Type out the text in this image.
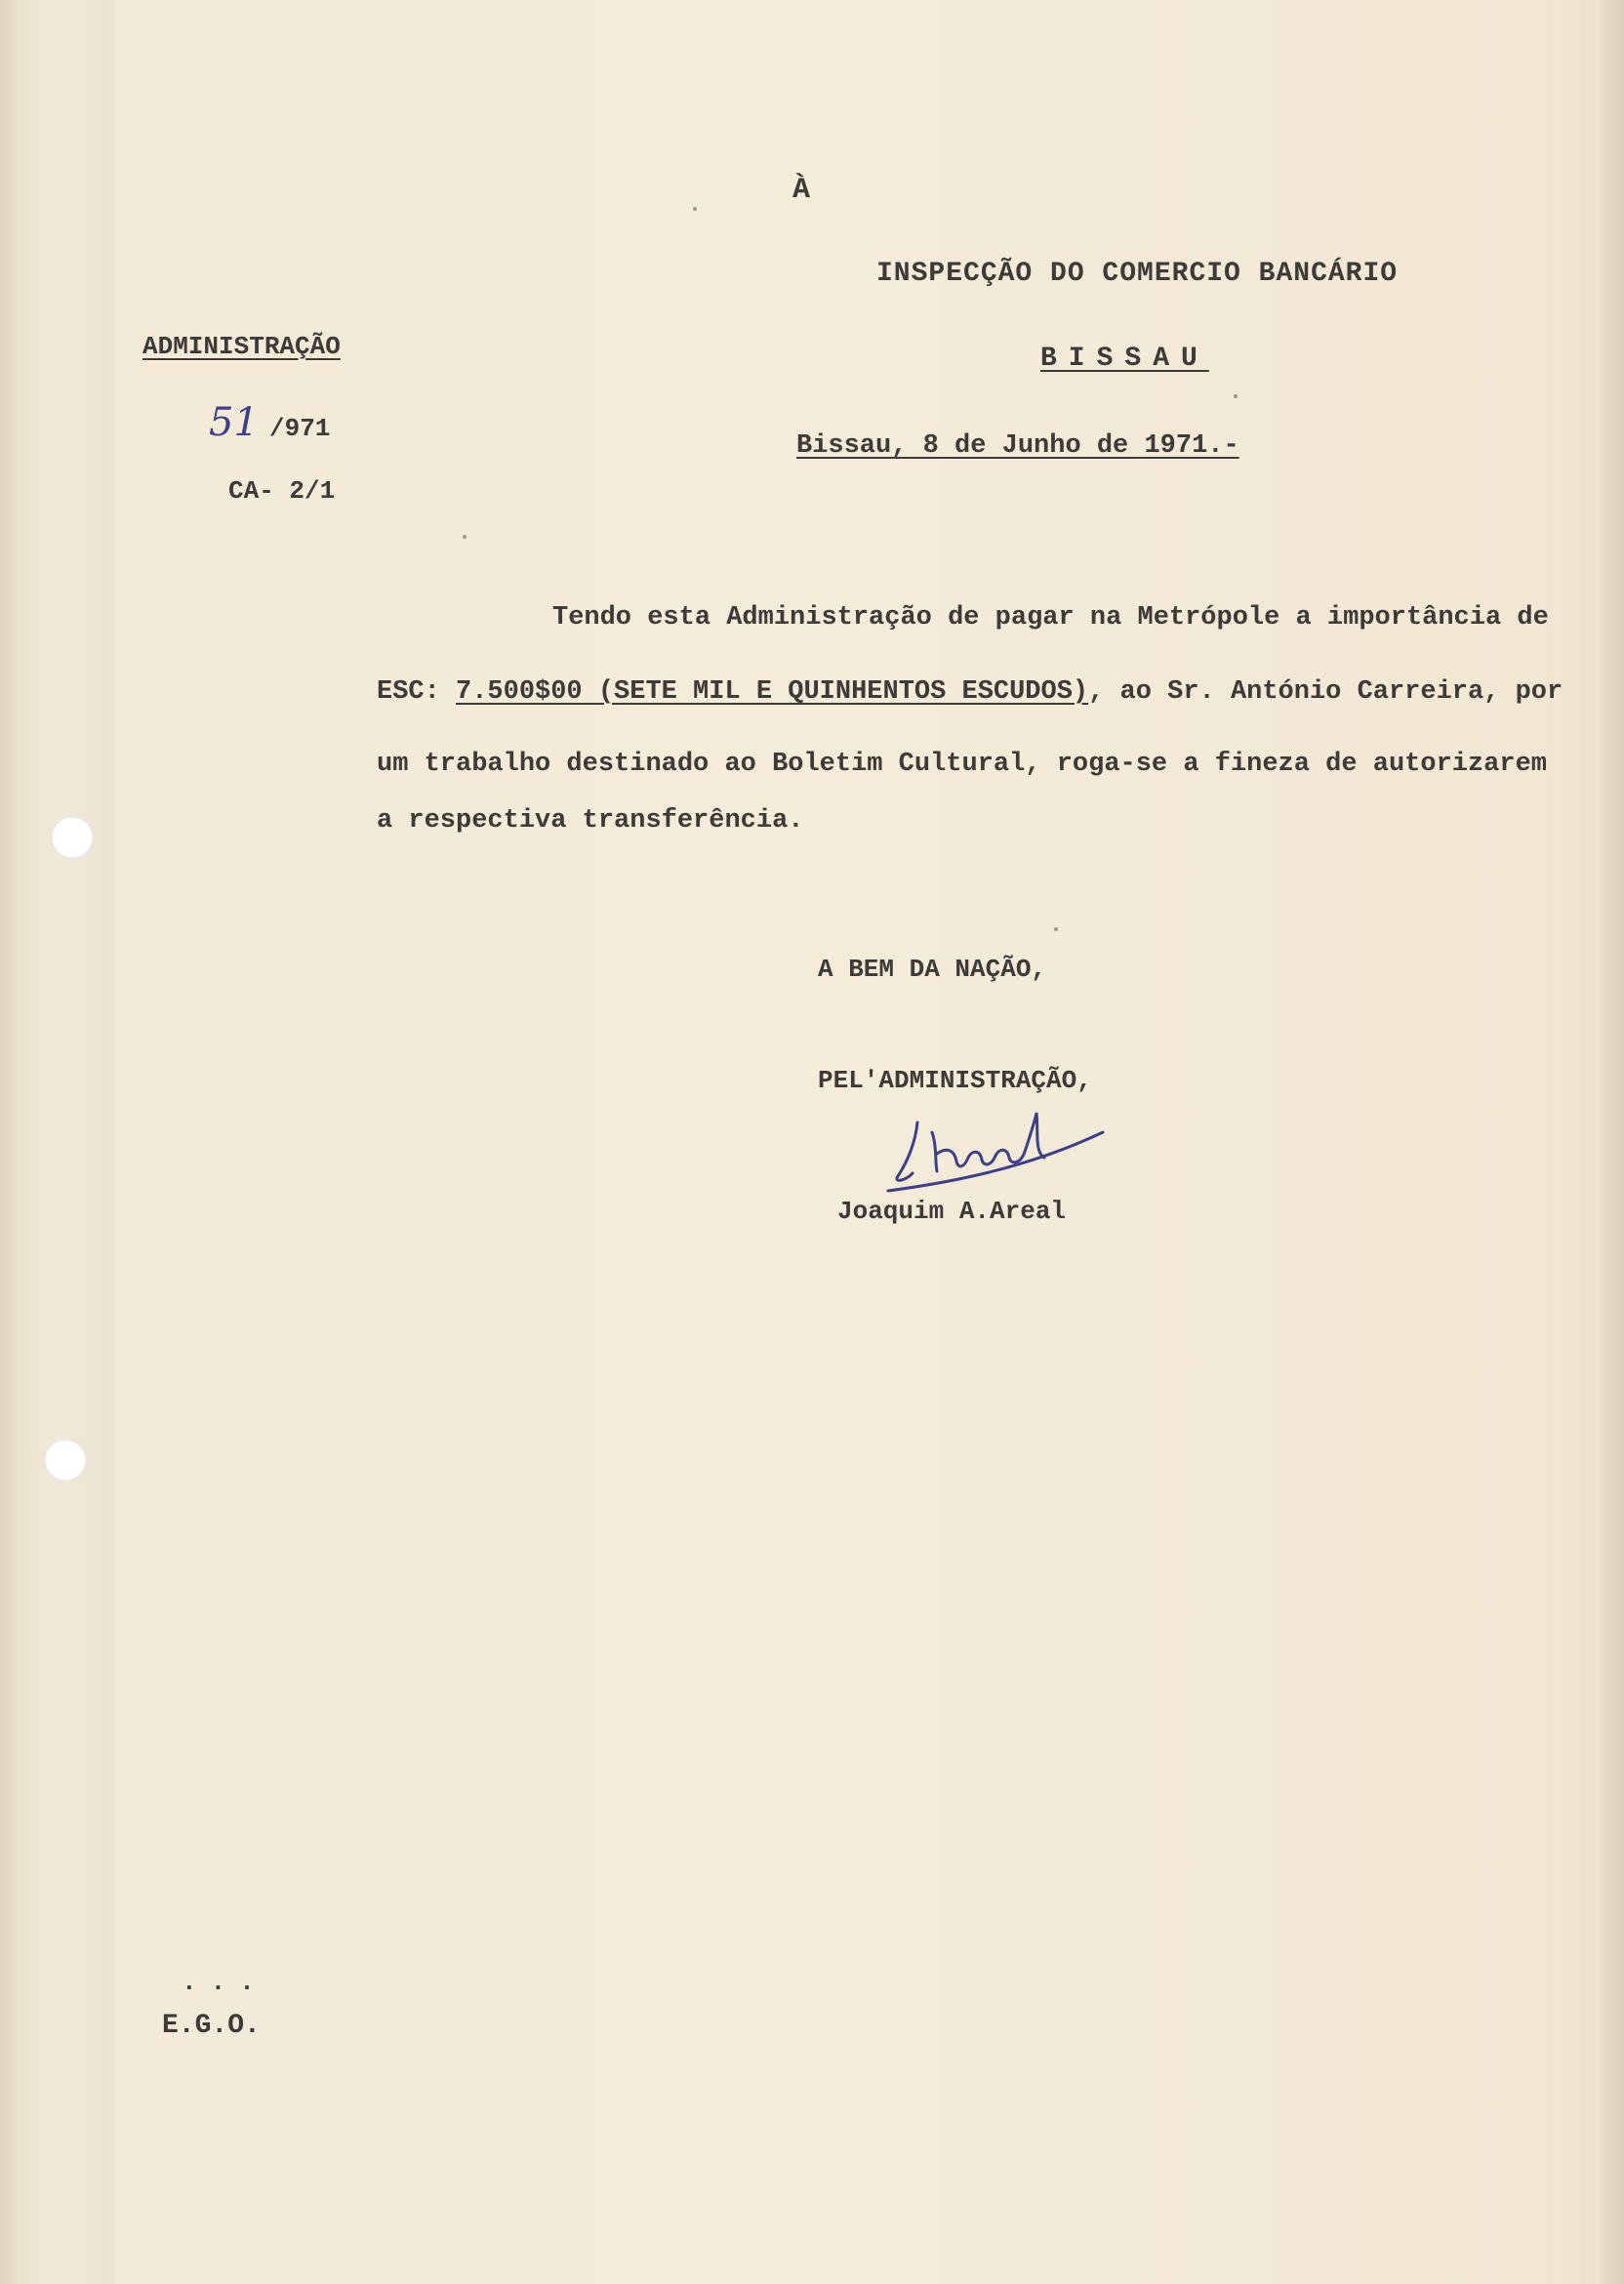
À
INSPECÇÃO DO COMERCIO BANCÁRIO
BISSAU
ADMINISTRAÇÃO
51 /971
CA- 2/1
Bissau, 8 de Junho de 1971.-
Tendo esta Administração de pagar na Metrópole a importância de
ESC: 7.500$00 (SETE MIL E QUINHENTOS ESCUDOS), ao Sr. António Carreira, por
um trabalho destinado ao Boletim Cultural, roga-se a fineza de autorizarem
a respectiva transferência.
A BEM DA NAÇÃO,
PEL'ADMINISTRAÇÃO,
Joaquim A.Areal
...
E.G.O.
